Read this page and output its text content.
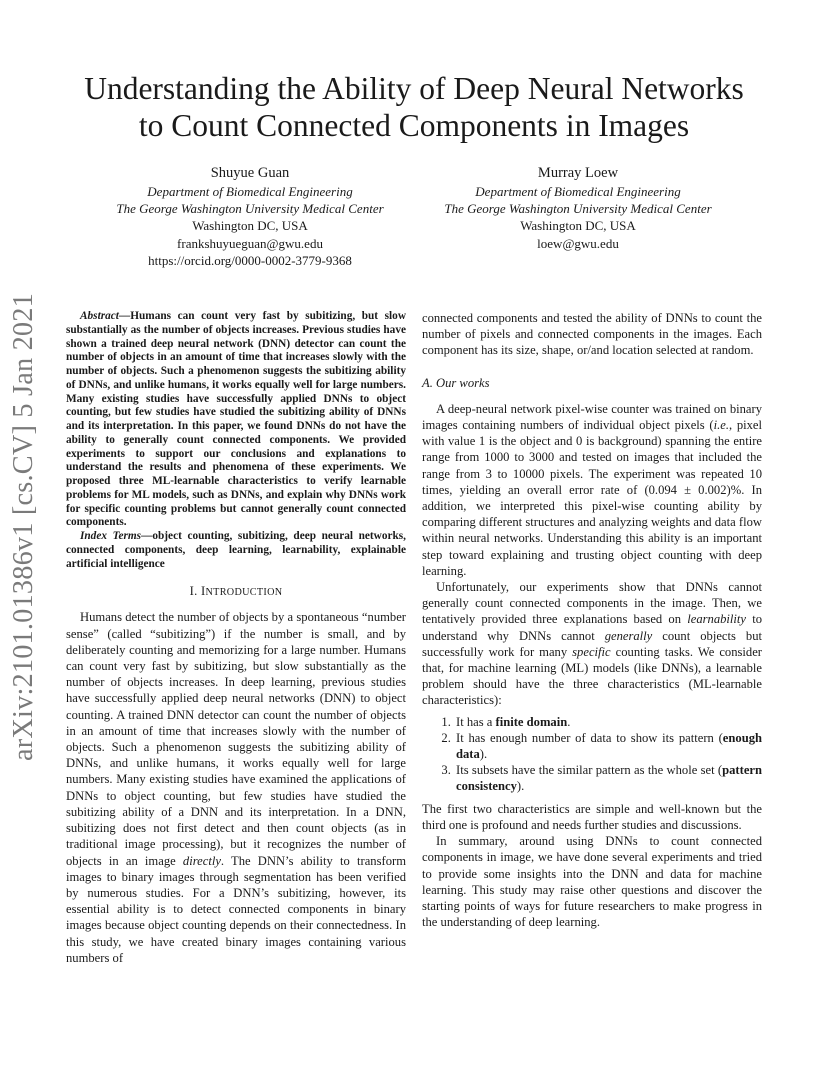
Understanding the Ability of Deep Neural Networks
to Count Connected Components in Images
Shuyue Guan
Department of Biomedical Engineering
The George Washington University Medical Center
Washington DC, USA
frankshuyueguan@gwu.edu
https://orcid.org/0000-0002-3779-9368
Murray Loew
Department of Biomedical Engineering
The George Washington University Medical Center
Washington DC, USA
loew@gwu.edu
arXiv:2101.01386v1 [cs.CV] 5 Jan 2021	Abstract—Humans can count very fast by subitizing, but slow substantially as the number of objects increases. Previous studies have shown a trained deep neural network (DNN) detector can count the number of objects in an amount of time that increases slowly with the number of objects. Such a phenomenon suggests the subitizing ability of DNNs, and unlike humans, it works equally well for large numbers. Many existing studies have successfully applied DNNs to object counting, but few studies have studied the subitizing ability of DNNs and its interpretation. In this paper, we found DNNs do not have the ability to generally count connected components. We provided experiments to support our conclusions and explanations to understand the results and phenomena of these experiments. We proposed three ML-learnable characteristics to verify learnable problems for ML models, such as DNNs, and explain why DNNs work for specific counting problems but cannot generally count connected components.

Index Terms—object counting, subitizing, deep neural networks, connected components, deep learning, learnability, explainable artificial intelligence

I. INTRODUCTION

Humans detect the number of objects by a spontaneous “number sense” (called “subitizing”) if the number is small, and by deliberately counting and memorizing for a large number. Humans can count very fast by subitizing, but slow substantially as the number of objects increases. In deep learning, previous studies have successfully applied deep neural networks (DNN) to object counting. A trained DNN detector can count the number of objects in an amount of time that increases slowly with the number of objects. Such a phenomenon suggests the subitizing ability of DNNs, and unlike humans, it works equally well for large numbers. Many existing studies have examined the applications of DNNs to object counting, but few studies have studied the subitizing ability of a DNN and its interpretation. In a DNN, subitizing does not first detect and then count objects (as in traditional image processing), but it recognizes the number of objects in an image directly. The DNN’s ability to transform images to binary images through segmentation has been verified by numerous studies. For a DNN’s subitizing, however, its essential ability is to detect connected components in binary images because object counting depends on their connectedness. In this study, we have created binary images containing various numbers of

connected components and tested the ability of DNNs to count the number of pixels and connected components in the images. Each component has its size, shape, or/and location selected at random.

A. Our works

A deep-neural network pixel-wise counter was trained on binary images containing numbers of individual object pixels (i.e., pixel with value 1 is the object and 0 is background) spanning the entire range from 1000 to 3000 and tested on images that included the range from 3 to 10000 pixels. The experiment was repeated 10 times, yielding an overall error rate of (0.094 ± 0.002)%. In addition, we interpreted this pixel-wise counting ability by comparing different structures and analyzing weights and data flow within neural networks. Understanding this ability is an important step toward explaining and trusting object counting with deep learning.

Unfortunately, our experiments show that DNNs cannot generally count connected components in the image. Then, we tentatively provided three explanations based on learnability to understand why DNNs cannot generally count objects but successfully work for many specific counting tasks. We consider that, for machine learning (ML) models (like DNNs), a learnable problem should have the three characteristics (ML-learnable characteristics):

1. It has a finite domain.
2. It has enough number of data to show its pattern (enough data).
3. Its subsets have the similar pattern as the whole set (pattern consistency).

The first two characteristics are simple and well-known but the third one is profound and needs further studies and discussions.

In summary, around using DNNs to count connected components in image, we have done several experiments and tried to provide some insights into the DNN and data for machine learning. This study may raise other questions and discover the starting points of ways for future researchers to make progress in the understanding of deep learning.
